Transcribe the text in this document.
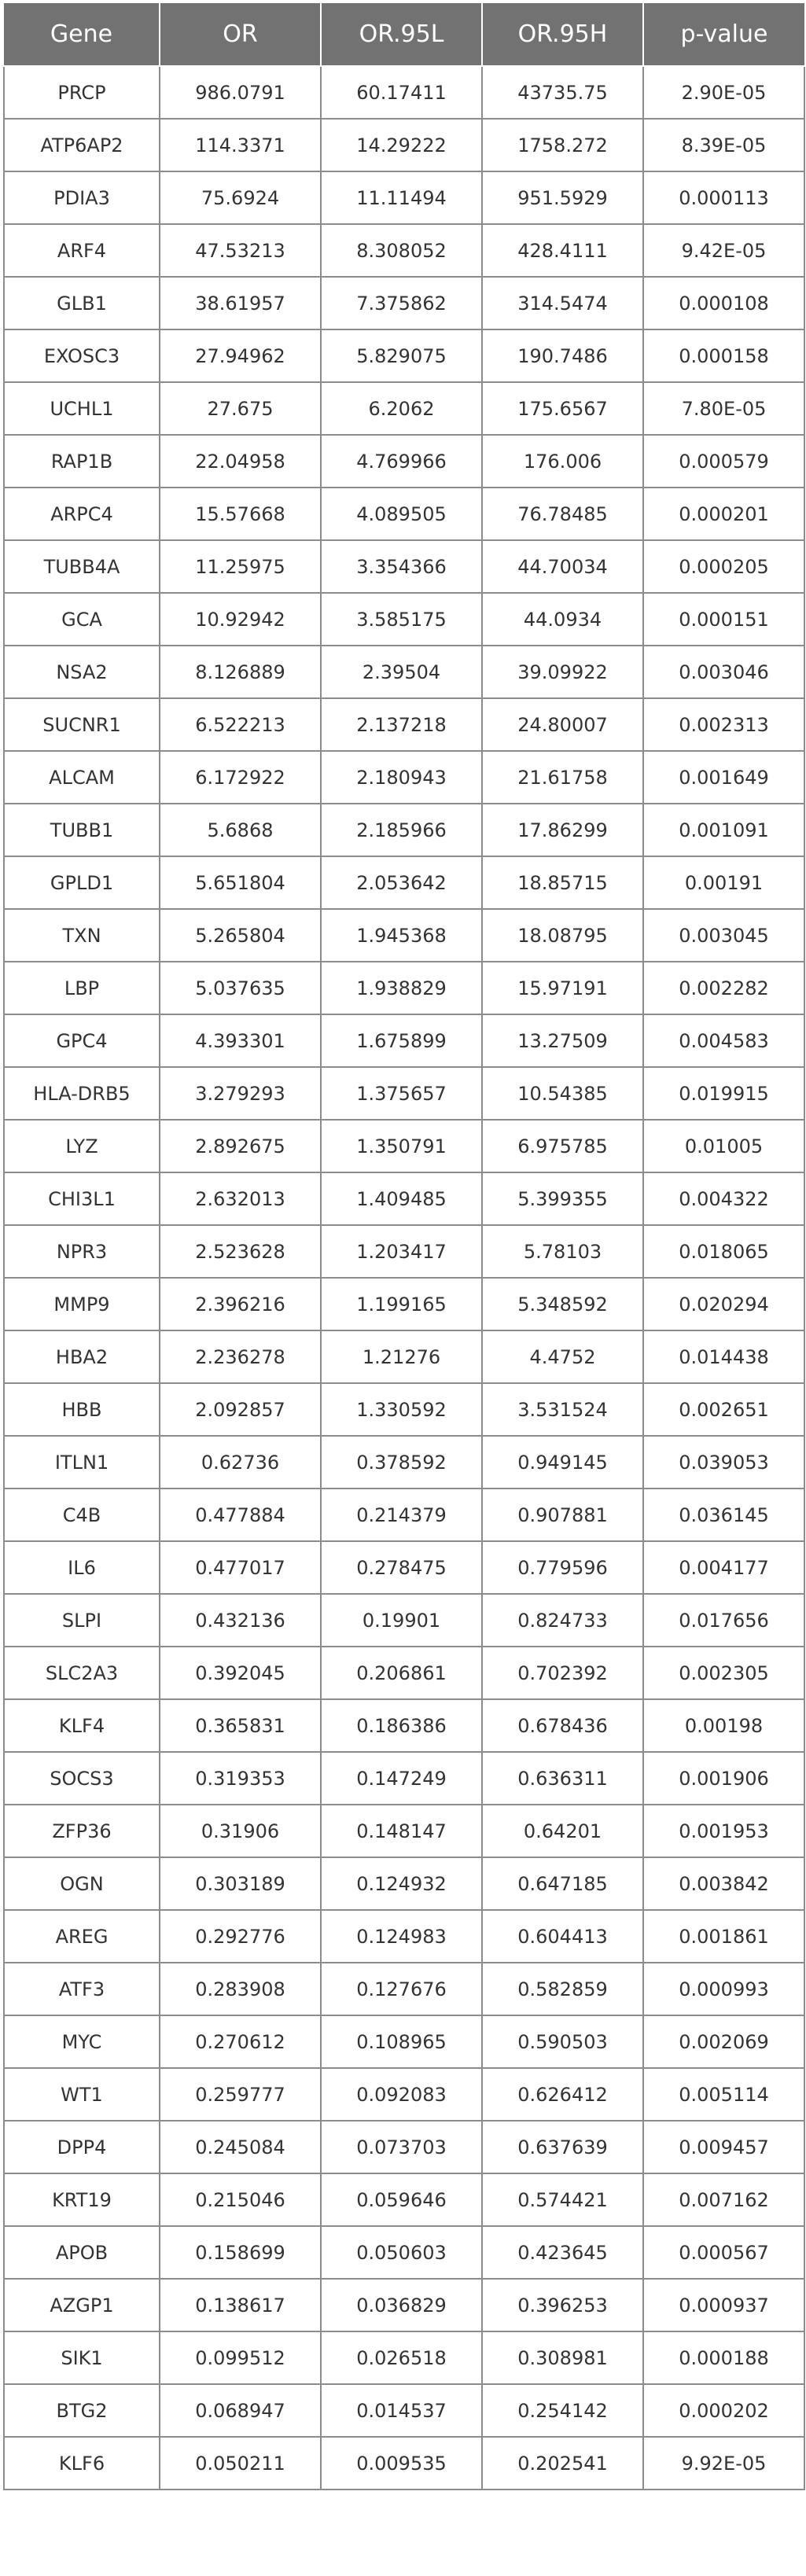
Gene	OR	OR.95L	OR.95H	p-value
PRCP	986.0791	60.17411	43735.75	2.90E-05
ATP6AP2	114.3371	14.29222	1758.272	8.39E-05
PDIA3	75.6924	11.11494	951.5929	0.000113
ARF4	47.53213	8.308052	428.4111	9.42E-05
GLB1	38.61957	7.375862	314.5474	0.000108
EXOSC3	27.94962	5.829075	190.7486	0.000158
UCHL1	27.675	6.2062	175.6567	7.80E-05
RAP1B	22.04958	4.769966	176.006	0.000579
ARPC4	15.57668	4.089505	76.78485	0.000201
TUBB4A	11.25975	3.354366	44.70034	0.000205
GCA	10.92942	3.585175	44.0934	0.000151
NSA2	8.126889	2.39504	39.09922	0.003046
SUCNR1	6.522213	2.137218	24.80007	0.002313
ALCAM	6.172922	2.180943	21.61758	0.001649
TUBB1	5.6868	2.185966	17.86299	0.001091
GPLD1	5.651804	2.053642	18.85715	0.00191
TXN	5.265804	1.945368	18.08795	0.003045
LBP	5.037635	1.938829	15.97191	0.002282
GPC4	4.393301	1.675899	13.27509	0.004583
HLA-DRB5	3.279293	1.375657	10.54385	0.019915
LYZ	2.892675	1.350791	6.975785	0.01005
CHI3L1	2.632013	1.409485	5.399355	0.004322
NPR3	2.523628	1.203417	5.78103	0.018065
MMP9	2.396216	1.199165	5.348592	0.020294
HBA2	2.236278	1.21276	4.4752	0.014438
HBB	2.092857	1.330592	3.531524	0.002651
ITLN1	0.62736	0.378592	0.949145	0.039053
C4B	0.477884	0.214379	0.907881	0.036145
IL6	0.477017	0.278475	0.779596	0.004177
SLPI	0.432136	0.19901	0.824733	0.017656
SLC2A3	0.392045	0.206861	0.702392	0.002305
KLF4	0.365831	0.186386	0.678436	0.00198
SOCS3	0.319353	0.147249	0.636311	0.001906
ZFP36	0.31906	0.148147	0.64201	0.001953
OGN	0.303189	0.124932	0.647185	0.003842
AREG	0.292776	0.124983	0.604413	0.001861
ATF3	0.283908	0.127676	0.582859	0.000993
MYC	0.270612	0.108965	0.590503	0.002069
WT1	0.259777	0.092083	0.626412	0.005114
DPP4	0.245084	0.073703	0.637639	0.009457
KRT19	0.215046	0.059646	0.574421	0.007162
APOB	0.158699	0.050603	0.423645	0.000567
AZGP1	0.138617	0.036829	0.396253	0.000937
SIK1	0.099512	0.026518	0.308981	0.000188
BTG2	0.068947	0.014537	0.254142	0.000202
KLF6	0.050211	0.009535	0.202541	9.92E-05
